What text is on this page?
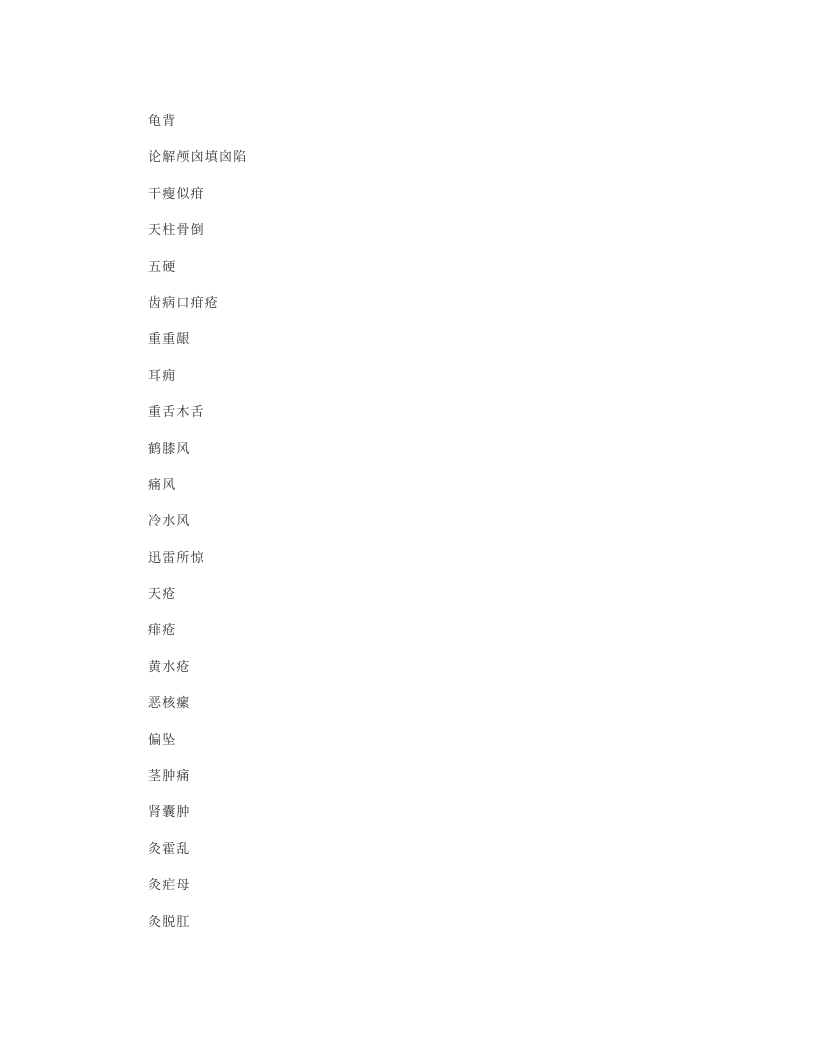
龟背
论解颅囟填囟陷
干瘦似疳
天柱骨倒
五硬
齿病口疳疮
重重龈
耳痈
重舌木舌
鹤膝风
痛风
冷水风
迅雷所惊
天疮
痱疮
黄水疮
恶核瘰
偏坠
茎肿痛
肾囊肿
灸霍乱
灸疟母
灸脱肛
